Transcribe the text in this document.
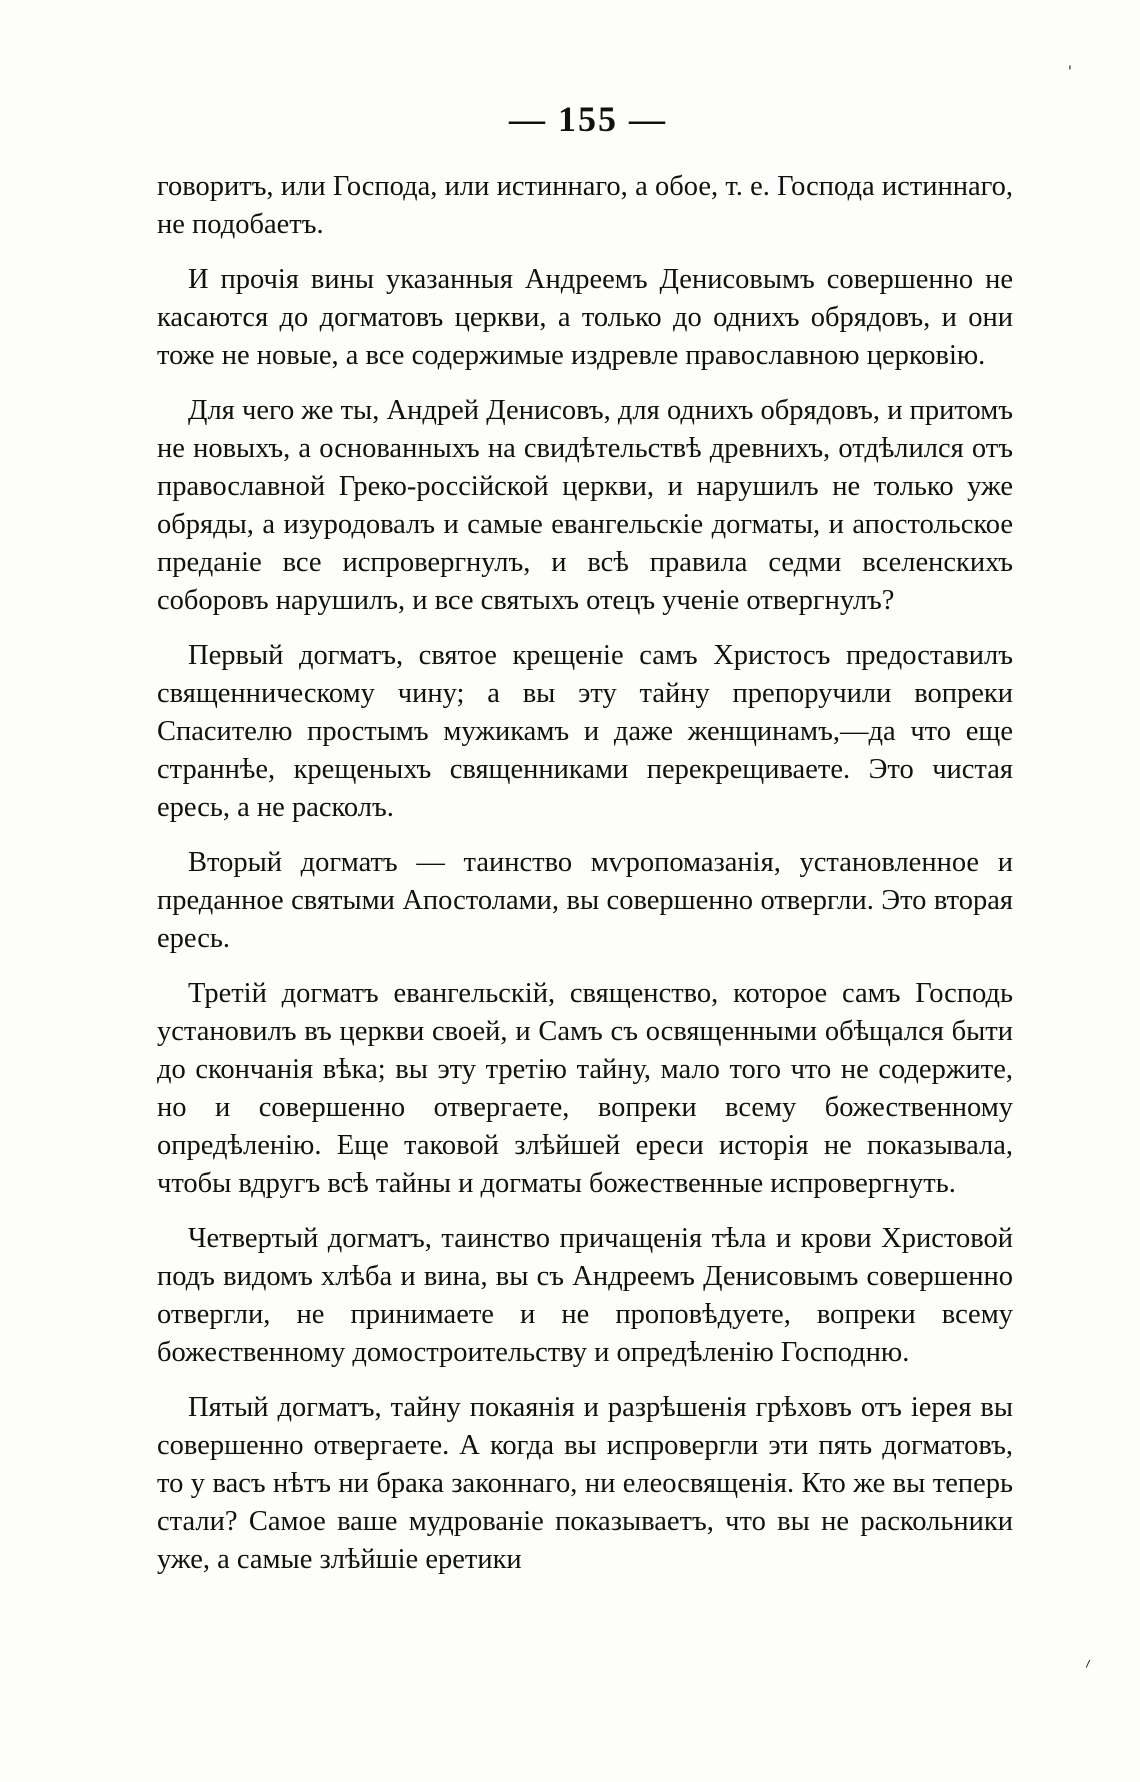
'
— 155 —

говоритъ, или Господа, или истиннаго, а обое, т. е. Господа истиннаго, не подобаетъ.

И прочія вины указанныя Андреемъ Денисовымъ совершенно не касаются до догматовъ церкви, а только до однихъ обрядовъ, и они тоже не новые, а все содержимые издревле православною церковію.

Для чего же ты, Андрей Денисовъ, для однихъ обрядовъ, и притомъ не новыхъ, а основанныхъ на свидѣтельствѣ древнихъ, отдѣлился отъ православной Греко-россійской церкви, и нарушилъ не только уже обряды, а изуродовалъ и самые евангельскіе догматы, и апостольское преданіе все испровергнулъ, и всѣ правила седми вселенскихъ соборовъ нарушилъ, и все святыхъ отецъ ученіе отвергнулъ?

Первый догматъ, святое крещеніе самъ Христосъ предоставилъ священническому чину; а вы эту тайну препоручили вопреки Спасителю простымъ мужикамъ и даже женщинамъ,—да что еще страннѣе, крещеныхъ священниками перекрещиваете. Это чистая ересь, а не расколъ.

Вторый догматъ — таинство мѵропомазанія, установленное и преданное святыми Апостолами, вы совершенно отвергли. Это вторая ересь.

Третій догматъ евангельскій, священство, которое самъ Господь установилъ въ церкви своей, и Самъ съ освященными обѣщался быти до скончанія вѣка; вы эту третію тайну, мало того что не содержите, но и совершенно отвергаете, вопреки всему божественному опредѣленію. Еще таковой злѣйшей ереси исторія не показывала, чтобы вдругъ всѣ тайны и догматы божественные испровергнуть.

Четвертый догматъ, таинство причащенія тѣла и крови Христовой подъ видомъ хлѣба и вина, вы съ Андреемъ Денисовымъ совершенно отвергли, не принимаете и не проповѣдуете, вопреки всему божественному домостроительству и опредѣленію Господню.

Пятый догматъ, тайну покаянія и разрѣшенія грѣховъ отъ іерея вы совершенно отвергаете. А когда вы испровергли эти пять догматовъ, то у васъ нѣтъ ни брака законнаго, ни елеосвященія. Кто же вы теперь стали? Самое ваше мудрованіе показываетъ, что вы не раскольники уже, а самые злѣйшіе еретики

⸝
